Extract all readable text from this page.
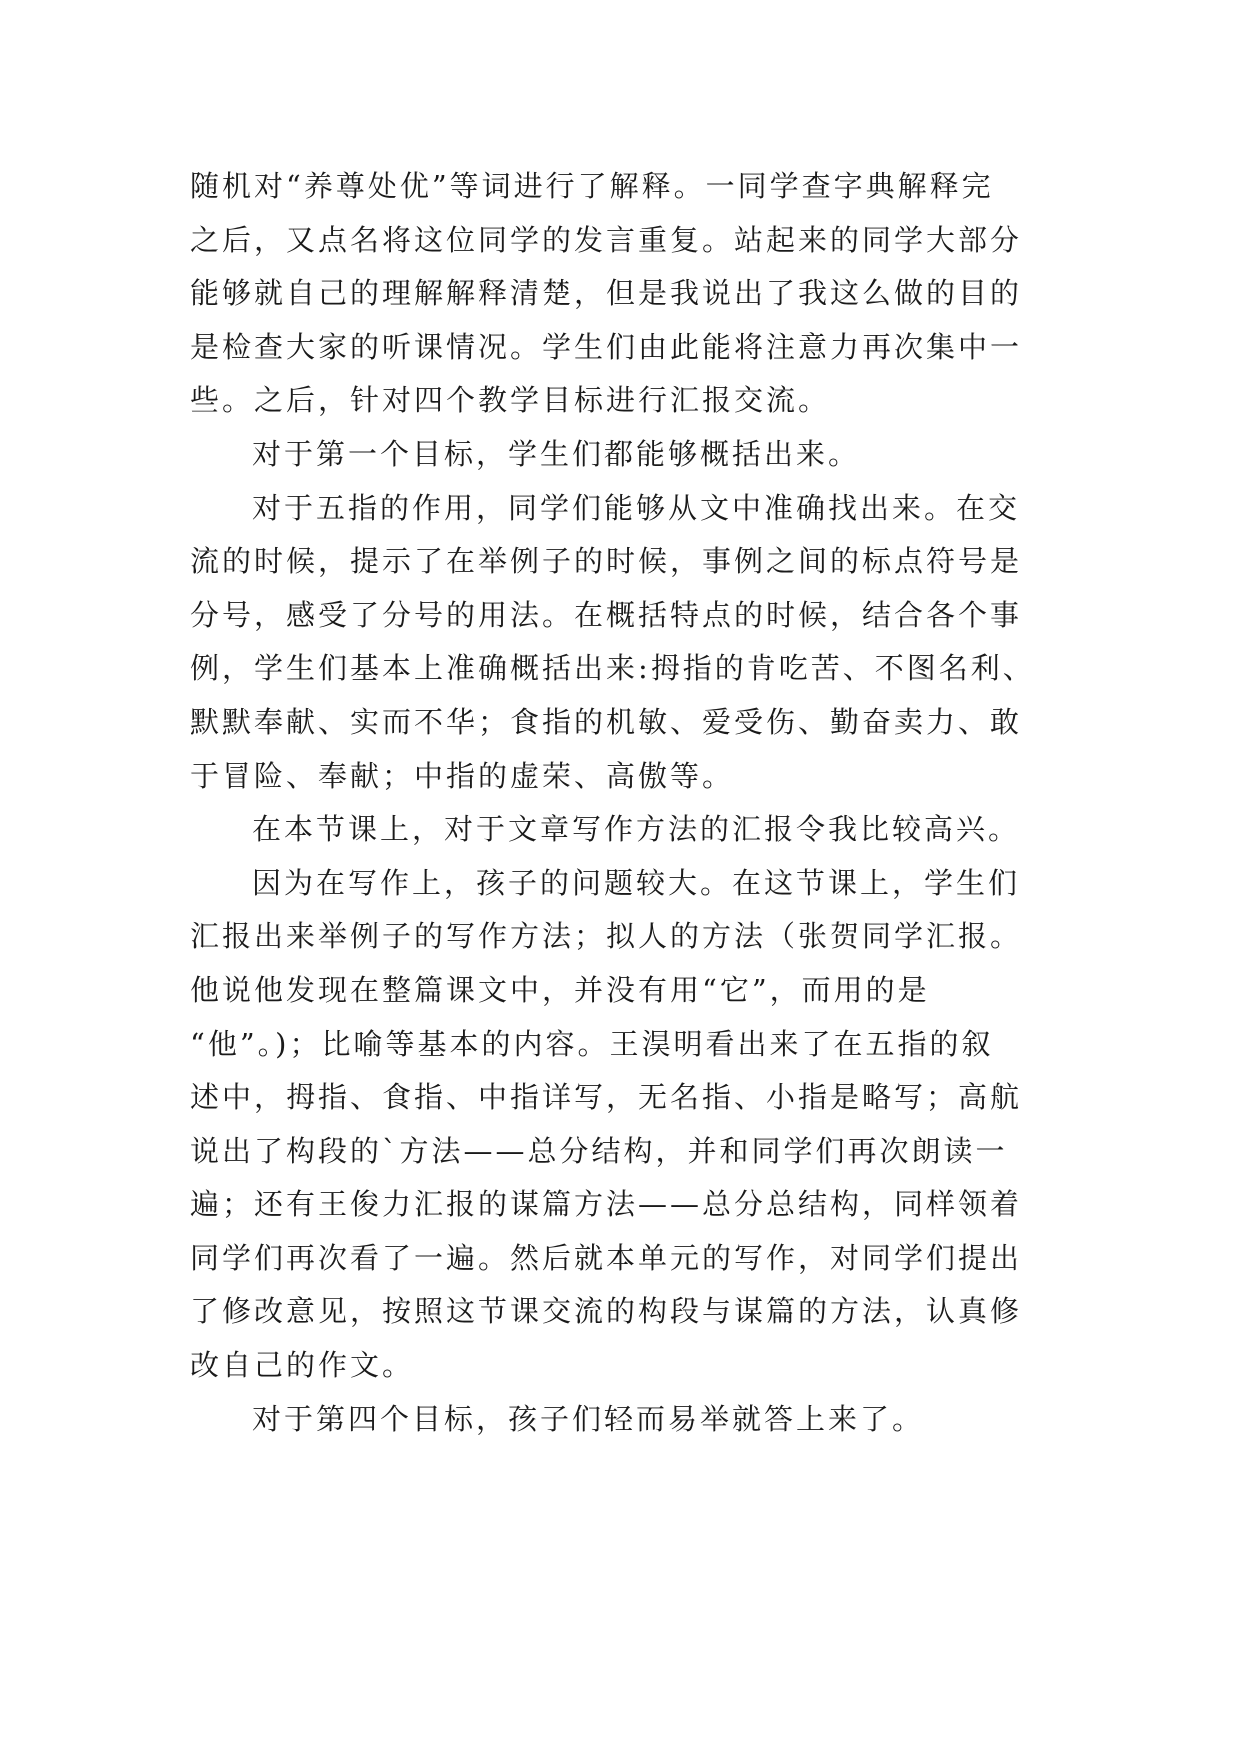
随机对“养尊处优”等词进行了解释。一同学查字典解释完
之后，又点名将这位同学的发言重复。站起来的同学大部分
能够就自己的理解解释清楚，但是我说出了我这么做的目的
是检查大家的听课情况。学生们由此能将注意力再次集中一
些。之后，针对四个教学目标进行汇报交流。
对于第一个目标，学生们都能够概括出来。
对于五指的作用，同学们能够从文中准确找出来。在交
流的时候，提示了在举例子的时候，事例之间的标点符号是
分号，感受了分号的用法。在概括特点的时候，结合各个事
例，学生们基本上准确概括出来:拇指的肯吃苦、不图名利、
默默奉献、实而不华；食指的机敏、爱受伤、勤奋卖力、敢
于冒险、奉献；中指的虚荣、高傲等。
在本节课上，对于文章写作方法的汇报令我比较高兴。
因为在写作上，孩子的问题较大。在这节课上，学生们
汇报出来举例子的写作方法；拟人的方法（张贺同学汇报。
他说他发现在整篇课文中，并没有用“它”，而用的是
“他”。)；比喻等基本的内容。王淏明看出来了在五指的叙
述中，拇指、食指、中指详写，无名指、小指是略写；高航
说出了构段的`方法——总分结构，并和同学们再次朗读一
遍；还有王俊力汇报的谋篇方法——总分总结构，同样领着
同学们再次看了一遍。然后就本单元的写作，对同学们提出
了修改意见，按照这节课交流的构段与谋篇的方法，认真修
改自己的作文。
对于第四个目标，孩子们轻而易举就答上来了。
